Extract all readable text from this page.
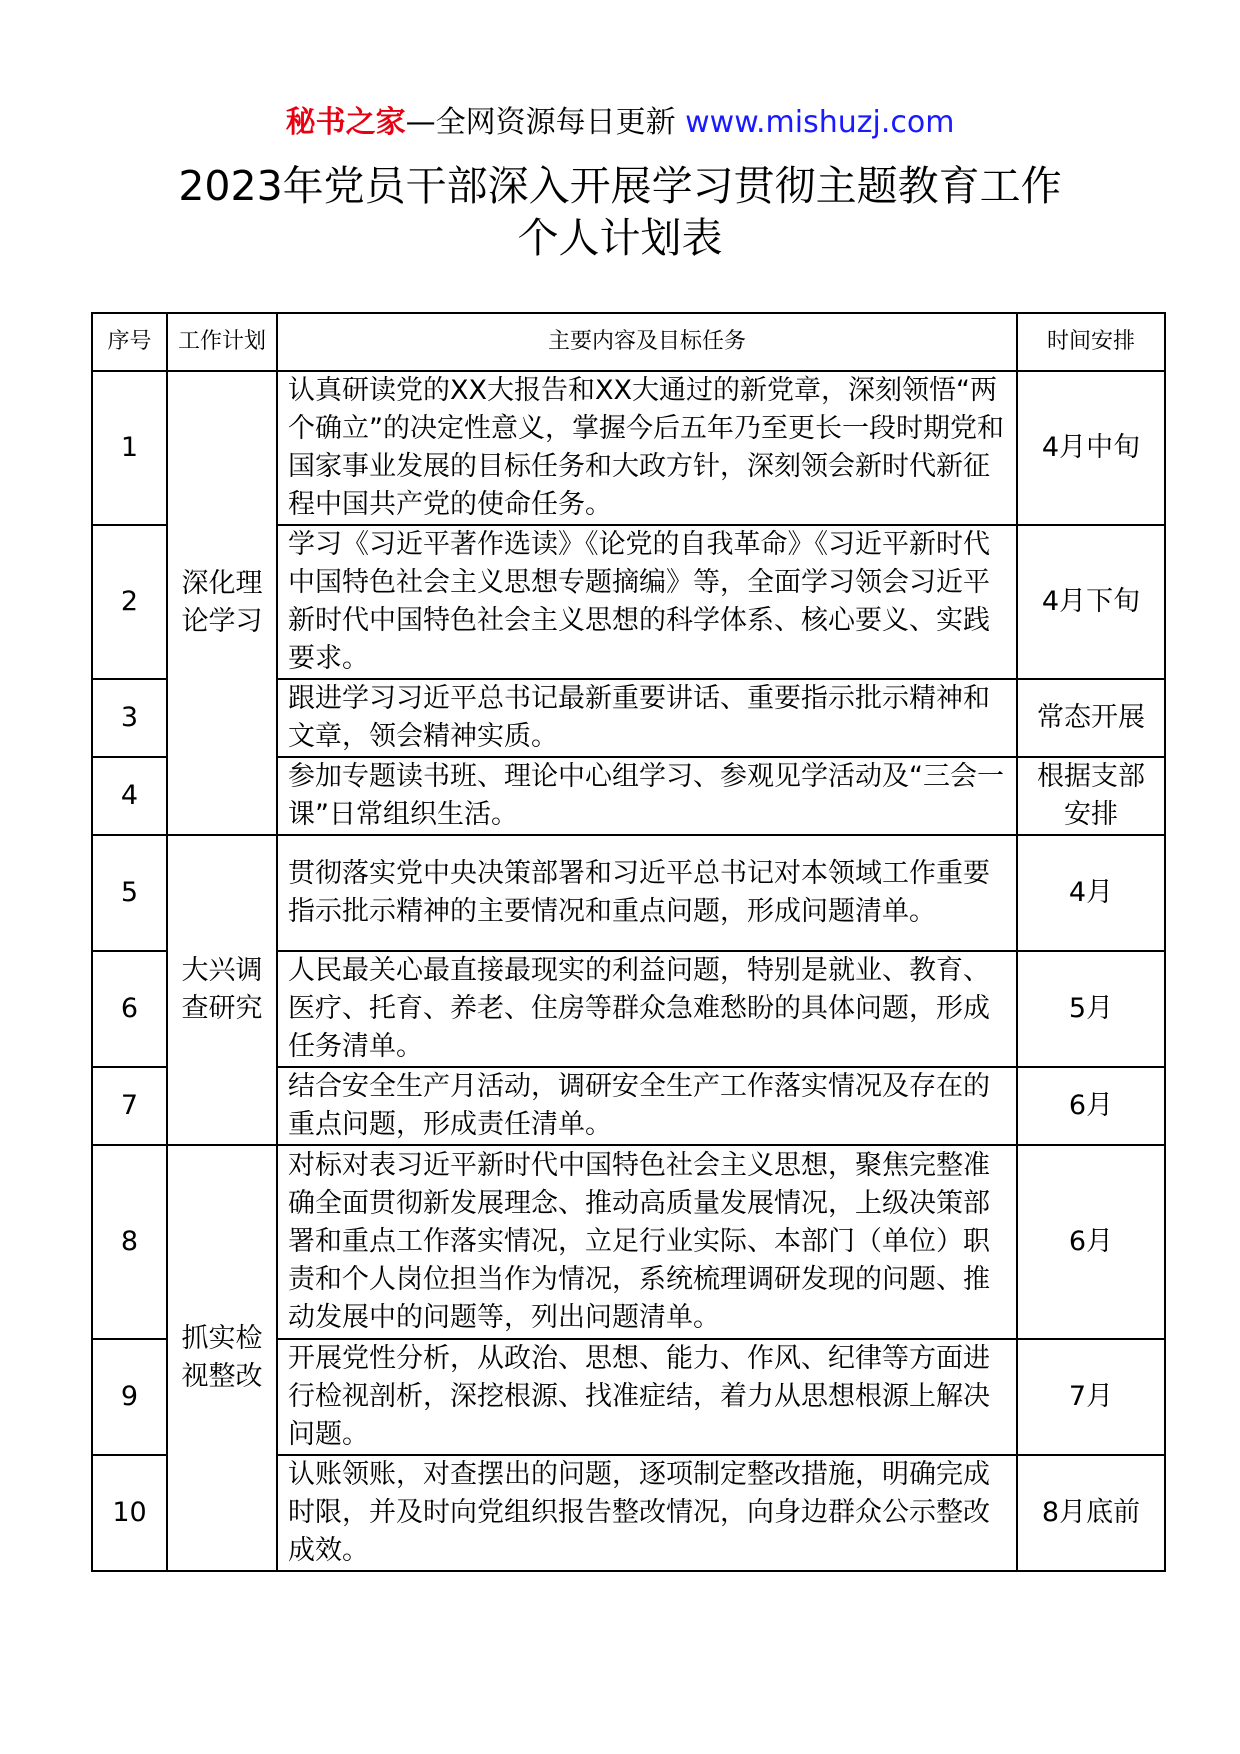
秘书之家—全网资源每日更新 www.mishuzj.com
2023年党员干部深入开展学习贯彻主题教育工作
个人计划表
序号	工作计划	主要内容及目标任务	时间安排
1	深化理论学习	认真研读党的XX大报告和XX大通过的新党章，深刻领悟“两个确立”的决定性意义，掌握今后五年乃至更长一段时期党和国家事业发展的目标任务和大政方针，深刻领会新时代新征程中国共产党的使命任务。	4月中旬
2		学习《习近平著作选读》《论党的自我革命》《习近平新时代中国特色社会主义思想专题摘编》等，全面学习领会习近平新时代中国特色社会主义思想的科学体系、核心要义、实践要求。	4月下旬
3		跟进学习习近平总书记最新重要讲话、重要指示批示精神和文章，领会精神实质。	常态开展
4		参加专题读书班、理论中心组学习、参观见学活动及“三会一课”日常组织生活。	根据支部安排
5	大兴调查研究	贯彻落实党中央决策部署和习近平总书记对本领域工作重要指示批示精神的主要情况和重点问题，形成问题清单。	4月
6		人民最关心最直接最现实的利益问题，特别是就业、教育、医疗、托育、养老、住房等群众急难愁盼的具体问题，形成任务清单。	5月
7		结合安全生产月活动，调研安全生产工作落实情况及存在的重点问题，形成责任清单。	6月
8	抓实检视整改	对标对表习近平新时代中国特色社会主义思想，聚焦完整准确全面贯彻新发展理念、推动高质量发展情况，上级决策部署和重点工作落实情况，立足行业实际、本部门（单位）职责和个人岗位担当作为情况，系统梳理调研发现的问题、推动发展中的问题等，列出问题清单。	6月
9		开展党性分析，从政治、思想、能力、作风、纪律等方面进行检视剖析，深挖根源、找准症结，着力从思想根源上解决问题。	7月
10		认账领账，对查摆出的问题，逐项制定整改措施，明确完成时限，并及时向党组织报告整改情况，向身边群众公示整改成效。	8月底前
